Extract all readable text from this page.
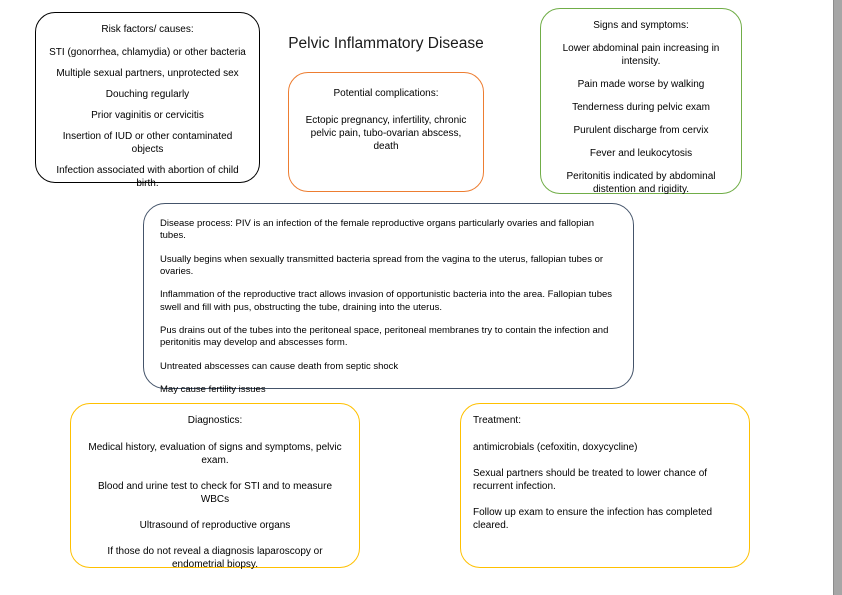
Risk factors/ causes:

STI (gonorrhea, chlamydia) or other bacteria

Multiple sexual partners, unprotected sex

Douching regularly

Prior vaginitis or cervicitis

Insertion of IUD or other contaminated objects

Infection associated with abortion of child birth.

Pelvic Inflammatory Disease
Potential complications:

Ectopic pregnancy, infertility, chronic pelvic pain, tubo-ovarian abscess, death

Signs and symptoms:

Lower abdominal pain increasing in intensity.

Pain made worse by walking

Tenderness during pelvic exam

Purulent discharge from cervix

Fever and leukocytosis

Peritonitis indicated by abdominal distention and rigidity.

Disease process: PIV is an infection of the female reproductive organs particularly ovaries and fallopian tubes.

Usually begins when sexually transmitted bacteria spread from the vagina to the uterus, fallopian tubes or ovaries.

Inflammation of the reproductive tract allows invasion of opportunistic bacteria into the area. Fallopian tubes swell and fill with pus, obstructing the tube, draining into the uterus.

Pus drains out of the tubes into the peritoneal space, peritoneal membranes try to contain the infection and peritonitis may develop and abscesses form.

Untreated abscesses can cause death from septic shock

May cause fertility issues

Diagnostics:

Medical history, evaluation of signs and symptoms, pelvic exam.

Blood and urine test to check for STI and to measure WBCs

Ultrasound of reproductive organs

If those do not reveal a diagnosis laparoscopy or endometrial biopsy.

Treatment:

antimicrobials (cefoxitin, doxycycline)

Sexual partners should be treated to lower chance of recurrent infection.

Follow up exam to ensure the infection has completed cleared.
